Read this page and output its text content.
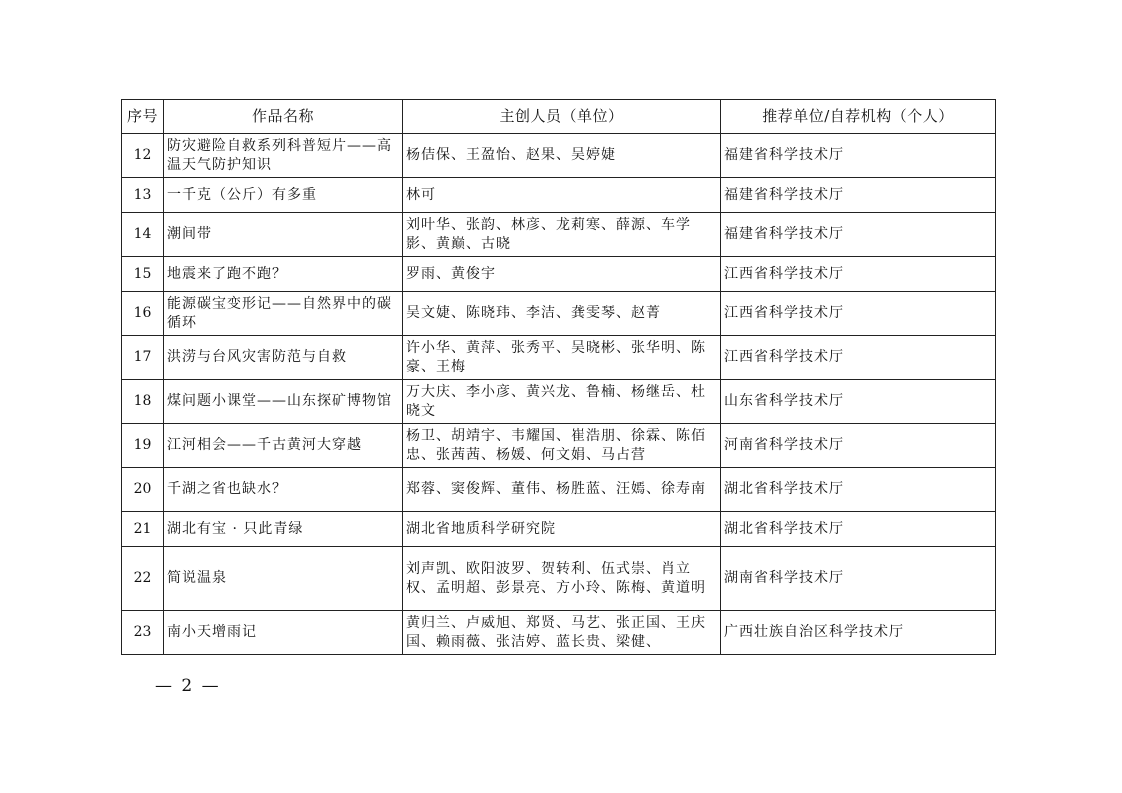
序号	作品名称	主创人员（单位）	推荐单位/自荐机构（个人）
12	防灾避险自救系列科普短片——高温天气防护知识	杨佶保、王盈怡、赵果、吴婷婕	福建省科学技术厅
13	一千克（公斤）有多重	林可	福建省科学技术厅
14	潮间带	刘叶华、张韵、林彦、龙莉寒、薛源、车学影、黄巅、古晓	福建省科学技术厅
15	地震来了跑不跑？	罗雨、黄俊宇	江西省科学技术厅
16	能源碳宝变形记——自然界中的碳循环	吴文婕、陈晓玮、李洁、龚雯琴、赵菁	江西省科学技术厅
17	洪涝与台风灾害防范与自救	许小华、黄萍、张秀平、吴晓彬、张华明、陈豪、王梅	江西省科学技术厅
18	煤问题小课堂——山东探矿博物馆	万大庆、李小彦、黄兴龙、鲁楠、杨继岳、杜晓文	山东省科学技术厅
19	江河相会——千古黄河大穿越	杨卫、胡靖宇、韦耀国、崔浩朋、徐霖、陈佰忠、张茜茜、杨媛、何文娟、马占营	河南省科学技术厅
20	千湖之省也缺水？	郑蓉、窦俊辉、董伟、杨胜蓝、汪嫣、徐寿南	湖北省科学技术厅
21	湖北有宝 · 只此青绿	湖北省地质科学研究院	湖北省科学技术厅
22	简说温泉	刘声凯、欧阳波罗、贺转利、伍式崇、肖立权、孟明超、彭景亮、方小玲、陈梅、黄道明	湖南省科学技术厅
23	南小天增雨记	黄归兰、卢威旭、郑贤、马艺、张正国、王庆国、赖雨薇、张洁婷、蓝长贵、梁健、	广西壮族自治区科学技术厅
— 2 —
